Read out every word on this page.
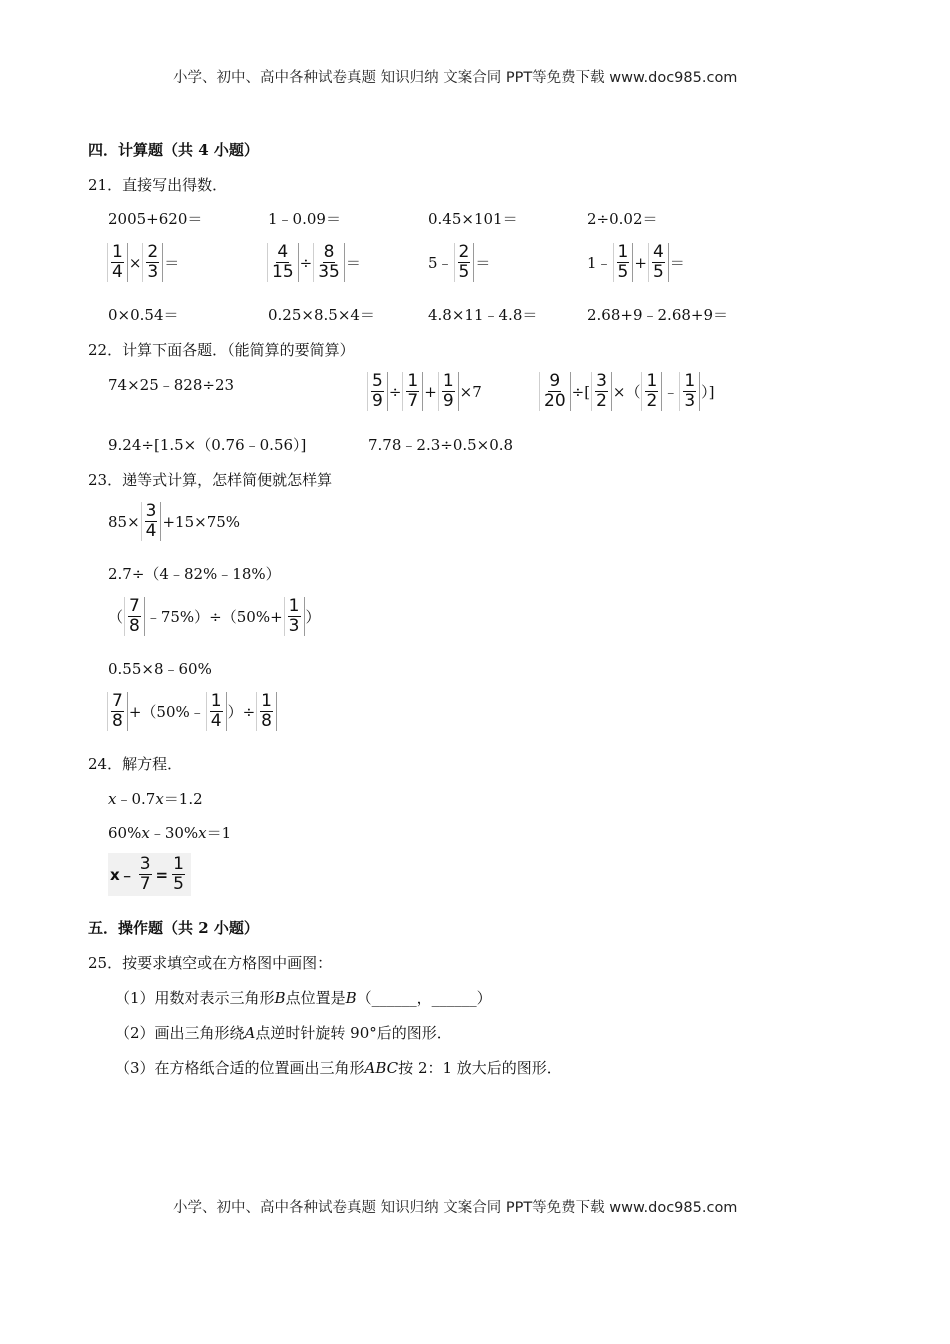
小学、初中、高中各种试卷真题 知识归纳 文案合同 PPT等免费下载 www.doc985.com
小学、初中、高中各种试卷真题 知识归纳 文案合同 PPT等免费下载 www.doc985.com
四．计算题（共 4 小题）
21．直接写出得数．
2005+620＝	1﹣0.09＝	0.45×101＝	2÷0.02＝
$\frac{1}{4} \times \frac{2}{3}$ ＝	$\frac{4}{15} \div \frac{8}{35}$ ＝	5﹣ $\frac{2}{5}$ ＝	1﹣ $\frac{1}{5} + \frac{4}{5}$ ＝
0×0.54＝	0.25×8.5×4＝	4.8×11﹣4.8＝	2.68+9﹣2.68+9＝
22．计算下面各题．（能简算的要简算）
74×25﹣828÷23	$\frac{5}{9} \div \frac{1}{7} + \frac{1}{9} \times 7$	$\frac{9}{20}$ ÷[ $\frac{3}{2}$ ×（ $\frac{1}{2}$ ﹣ $\frac{1}{3}$ ）]
9.24÷[1.5×（0.76﹣0.56）]	7.78﹣2.3÷0.5×0.8
23．递等式计算，怎样简便就怎样算
$85\times \frac{3}{4} +15\times 75\%$
2.7÷（4﹣82%﹣18%）
（ $\frac{7}{8}$ ﹣75%）÷（50%+ $\frac{1}{3}$ ）
0.55×8﹣60%
$\frac{7}{8}$ +（50%﹣ $\frac{1}{4}$ ）÷ $\frac{1}{8}$
24．解方程．
x﹣0.7x＝1.2
60%x﹣30%x＝1
x﹣ $\frac{3}{7} = \frac{1}{5}$
五．操作题（共 2 小题）
25．按要求填空或在方格图中画图：
（1）用数对表示三角形B点位置是B（______，______）
（2）画出三角形绕A点逆时针旋转 90°后的图形．
（3）在方格纸合适的位置画出三角形ABC按 2：1 放大后的图形．
